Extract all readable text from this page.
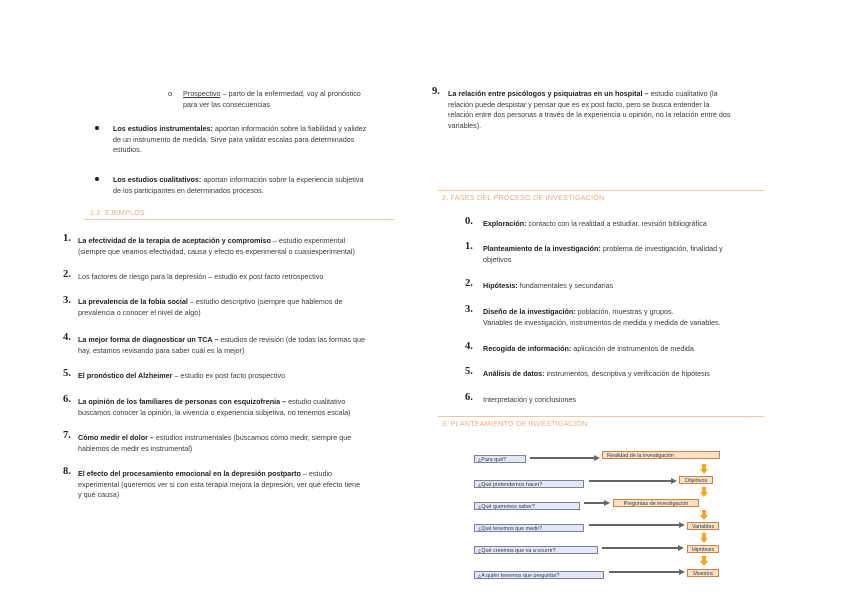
o Prospectivo – parto de la enfermedad, voy al pronóstico
para ver las consecuencias
Los estudios instrumentales: aportan información sobre la fiabilidad y validez
de un instrumento de medida. Sirve para validar escalas para determinados
estudios.
Los estudios cualitativos: aportan información sobre la experiencia subjetiva
de los participantes en determinados procesos.
1.2. EJEMPLOS
1. La efectividad de la terapia de aceptación y compromiso – estudio experimental
(siempre que veamos efectividad, causa y efecto es experimental o cuasiexperimental)
2. Los factores de riesgo para la depresión – estudio ex post facto retrospectivo
3. La prevalencia de la fobia social – estudio descriptivo (siempre que hablemos de
prevalencia o conocer el nivel de algo)
4. La mejor forma de diagnosticar un TCA – estudios de revisión (de todas las formas que
hay, estamos revisando para saber cuál es la mejor)
5. El pronóstico del Alzheimer – estudio ex post facto prospectivo
6. La opinión de los familiares de personas con esquizofrenia – estudio cualitativo
buscamos conocer la opinión, la vivencia o experiencia subjetiva, no tenemos escala)
7. Cómo medir el dolor – estudios instrumentales (buscamos cómo medir, siempre que
hablemos de medir es instrumental)
8. El efecto del procesamiento emocional en la depresión postparto – estudio
experimental (queremos ver si con esta terapia mejora la depresión, ver qué efecto tiene
y qué causa)
9. La relación entre psicólogos y psiquiatras en un hospital – estudio cualitativo (la
relación puede despistar y pensar que es ex post facto, pero se busca entender la
relación entre dos personas a través de la experiencia u opinión, no la relación entre dos
variables).
2. FASES DEL PROCESO DE INVESTIGACIÓN
0. Exploración: contacto con la realidad a estudiar, revisión bibliográfica
1. Planteamiento de la investigación: problema de investigación, finalidad y
objetivos
2. Hipótesis: fundamentales y secundarias
3. Diseño de la investigación: población, muestras y grupos.
Variables de investigación, instrumentos de medida y medida de variables.
4. Recogida de información: aplicación de instrumentos de medida
5. Análisis de datos: instrumentos, descriptiva y verificación de hipótesis
6. Interpretación y conclusiones
3. PLANTEAMIENTO DE INVESTIGACIÓN
¿Para qué?
Realidad de la investigación
¿Qué pretendemos hacer?
Objetivos
¿Qué queremos saber?	Preguntas de investigación
¿Qué tenemos que medir?	Variables
¿Qué creemos que va a ocurrir?	Hipótesis
¿A quién tenemos que preguntar?	Muestra
